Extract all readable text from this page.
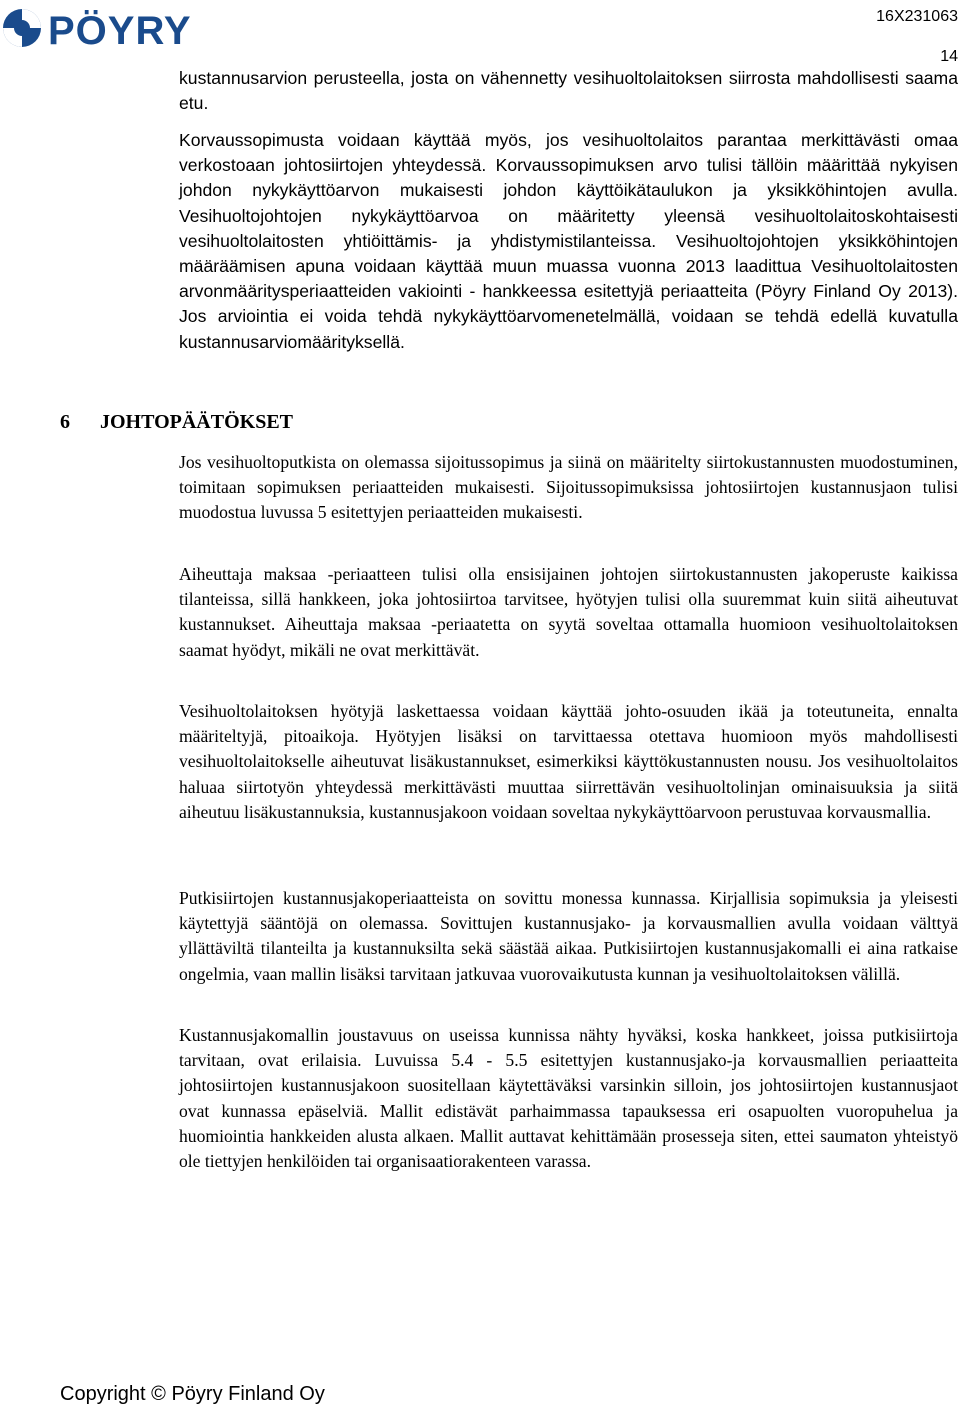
PÖYRY	16X231063
14

kustannusarvion perusteella, josta on vähennetty vesihuoltolaitoksen siirrosta mahdollisesti saama etu.

Korvaussopimusta voidaan käyttää myös, jos vesihuoltolaitos parantaa merkittävästi omaa verkostoaan johtosiirtojen yhteydessä. Korvaussopimuksen arvo tulisi tällöin määrittää nykyisen johdon nykykäyttöarvon mukaisesti johdon käyttöikätaulukon ja yksikköhintojen avulla. Vesihuoltojohtojen nykykäyttöarvoa on määritetty yleensä vesihuoltolaitoskohtaisesti vesihuoltolaitosten yhtiöittämis- ja yhdistymistilanteissa. Vesihuoltojohtojen yksikköhintojen määräämisen apuna voidaan käyttää muun muassa vuonna 2013 laadittua Vesihuoltolaitosten arvonmääritysperiaatteiden vakiointi - hankkeessa esitettyjä periaatteita (Pöyry Finland Oy 2013). Jos arviointia ei voida tehdä nykykäyttöarvomenetelmällä, voidaan se tehdä edellä kuvatulla kustannusarviomäärityksellä.

6 JOHTOPÄÄTÖKSET

Jos vesihuoltoputkista on olemassa sijoitussopimus ja siinä on määritelty siirtokustannusten muodostuminen, toimitaan sopimuksen periaatteiden mukaisesti. Sijoitussopimuksissa johtosiirtojen kustannusjaon tulisi muodostua luvussa 5 esitettyjen periaatteiden mukaisesti.

Aiheuttaja maksaa -periaatteen tulisi olla ensisijainen johtojen siirtokustannusten jakoperuste kaikissa tilanteissa, sillä hankkeen, joka johtosiirtoa tarvitsee, hyötyjen tulisi olla suuremmat kuin siitä aiheutuvat kustannukset. Aiheuttaja maksaa -periaatetta on syytä soveltaa ottamalla huomioon vesihuoltolaitoksen saamat hyödyt, mikäli ne ovat merkittävät.

Vesihuoltolaitoksen hyötyjä laskettaessa voidaan käyttää johto-osuuden ikää ja toteutuneita, ennalta määriteltyjä, pitoaikoja. Hyötyjen lisäksi on tarvittaessa otettava huomioon myös mahdollisesti vesihuoltolaitokselle aiheutuvat lisäkustannukset, esimerkiksi käyttökustannusten nousu. Jos vesihuoltolaitos haluaa siirtotyön yhteydessä merkittävästi muuttaa siirrettävän vesihuoltolinjan ominaisuuksia ja siitä aiheutuu lisäkustannuksia, kustannusjakoon voidaan soveltaa nykykäyttöarvoon perustuvaa korvausmallia.

Putkisiirtojen kustannusjakoperiaatteista on sovittu monessa kunnassa. Kirjallisia sopimuksia ja yleisesti käytettyjä sääntöjä on olemassa. Sovittujen kustannusjako- ja korvausmallien avulla voidaan välttyä yllättäviltä tilanteilta ja kustannuksilta sekä säästää aikaa. Putkisiirtojen kustannusjakomalli ei aina ratkaise ongelmia, vaan mallin lisäksi tarvitaan jatkuvaa vuorovaikutusta kunnan ja vesihuoltolaitoksen välillä.

Kustannusjakomallin joustavuus on useissa kunnissa nähty hyväksi, koska hankkeet, joissa putkisiirtoja tarvitaan, ovat erilaisia. Luvuissa 5.4 - 5.5 esitettyjen kustannusjako-ja korvausmallien periaatteita johtosiirtojen kustannusjakoon suositellaan käytettäväksi varsinkin silloin, jos johtosiirtojen kustannusjaot ovat kunnassa epäselviä. Mallit edistävät parhaimmassa tapauksessa eri osapuolten vuoropuhelua ja huomiointia hankkeiden alusta alkaen. Mallit auttavat kehittämään prosesseja siten, ettei saumaton yhteistyö ole tiettyjen henkilöiden tai organisaatiorakenteen varassa.

Copyright © Pöyry Finland Oy
